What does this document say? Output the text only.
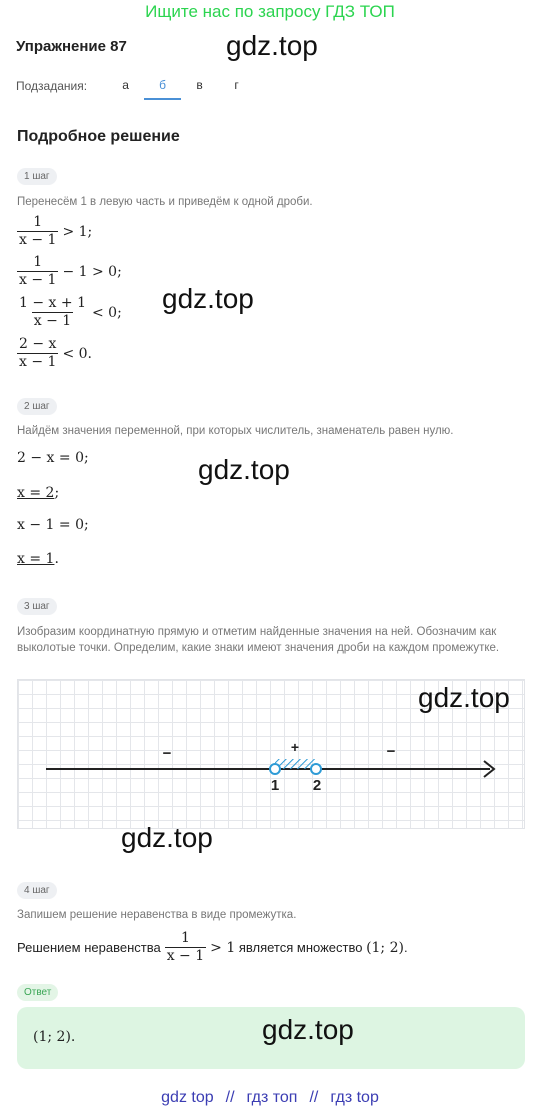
Ищите нас по запросу ГДЗ ТОП
Упражнение 87	gdz.top
Подзадания:	а	б	в	г
Подробное решение
1 шаг
Перенесём 1 в левую часть и приведём к одной дроби.
$\frac{1}{x - 1} > 1$;
$\frac{1}{x - 1} - 1 > 0$;
$\frac{1 - x + 1}{x - 1} < 0$;
$\frac{2 - x}{x - 1} < 0$.
gdz.top
2 шаг
Найдём значения переменной, при которых числитель, знаменатель равен нулю.
2 − x = 0;
x = 2 ;
x − 1 = 0;
x = 1 .
gdz.top
3 шаг
Изобразим координатную прямую и отметим найденные значения на ней. Обозначим как выколотые точки. Определим, какие знаки имеют значения дроби на каждом промежутке.
1 2
−	+	−
gdz.top
gdz.top
4 шаг
Запишем решение неравенства в виде промежутка.
Решением неравенства $\frac{1}{x - 1} > 1$ является множество (1; 2) .
Ответ
(1; 2).	gdz.top
gdz top // гдз топ // гдз top
